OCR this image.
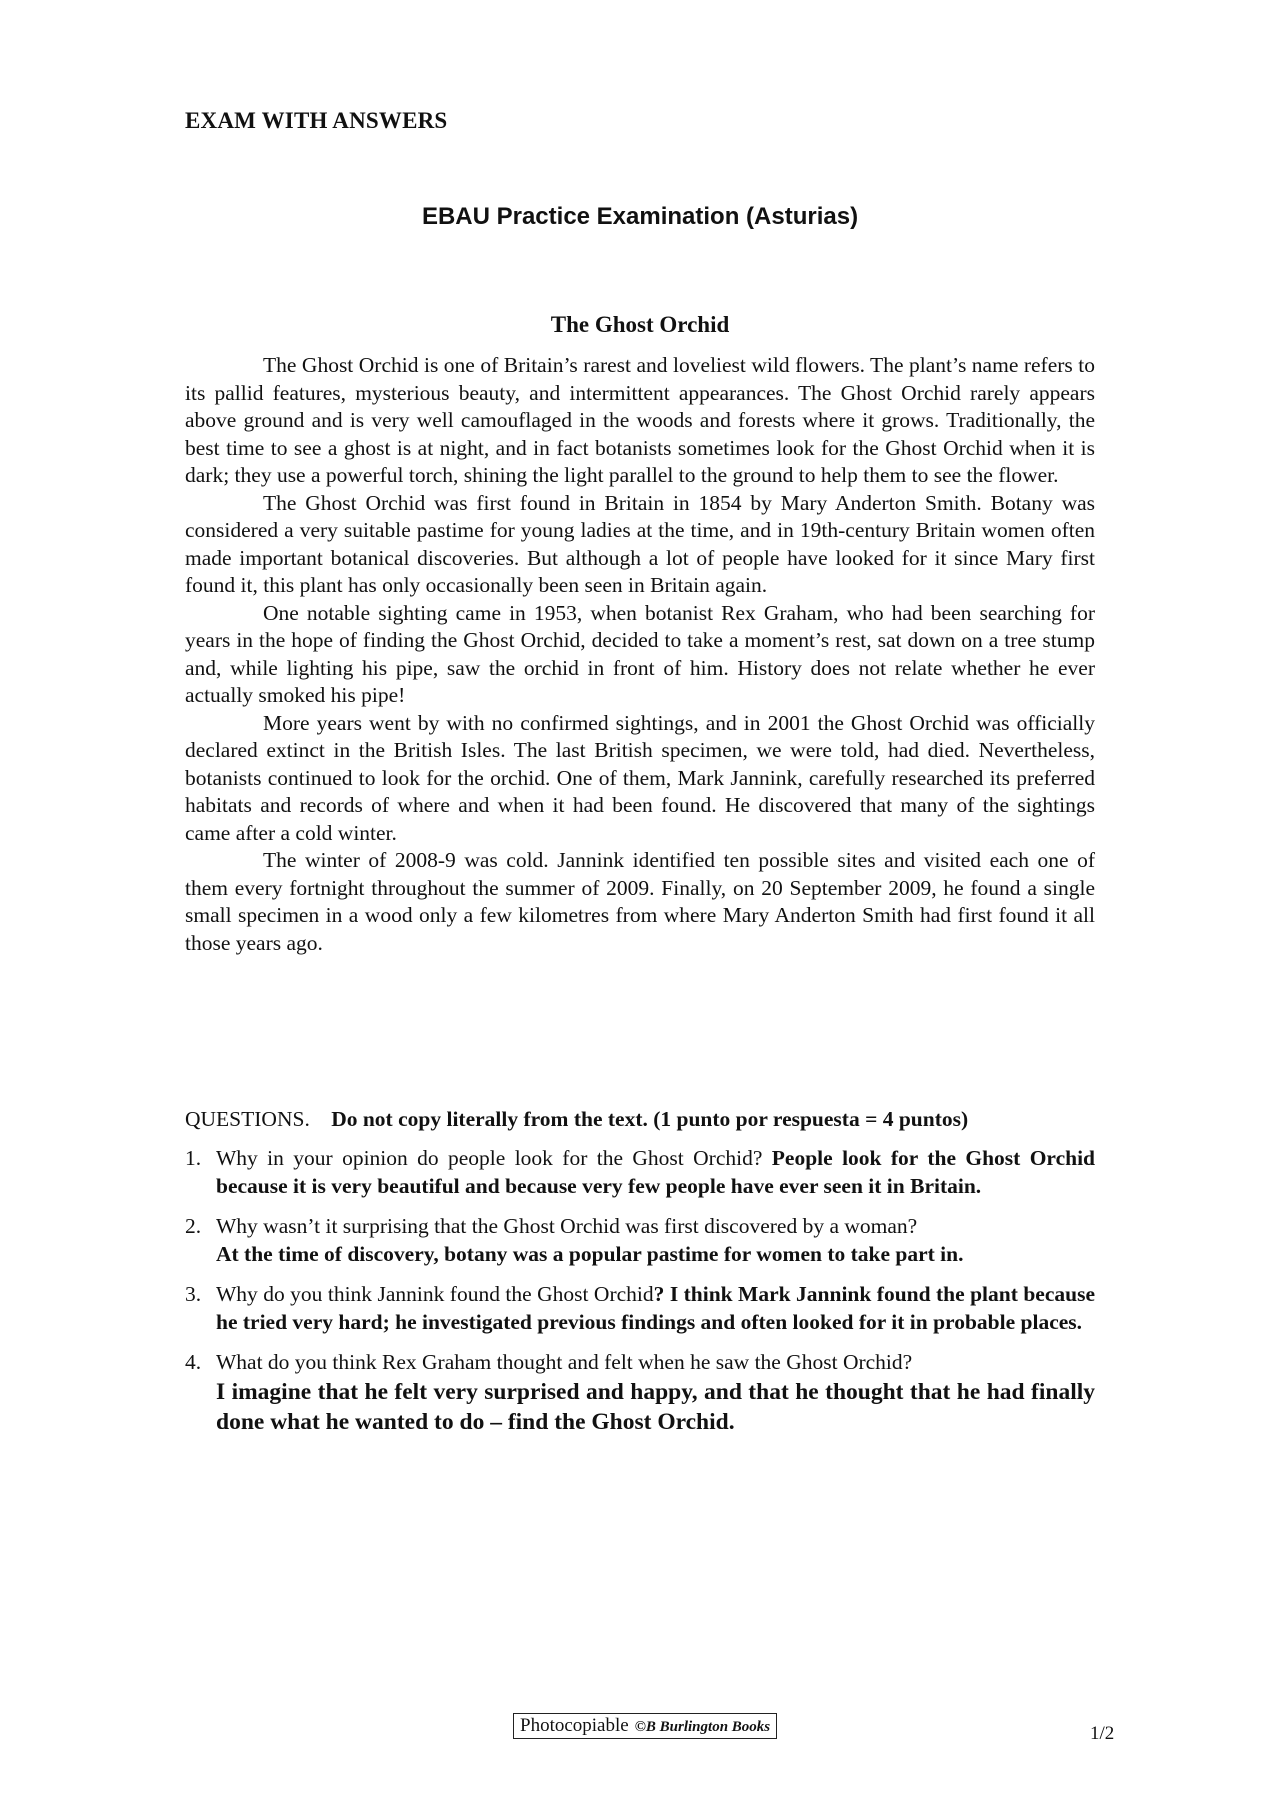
EXAM WITH ANSWERS
EBAU Practice Examination (Asturias)
The Ghost Orchid

The Ghost Orchid is one of Britain’s rarest and loveliest wild flowers. The plant’s name refers to its pallid features, mysterious beauty, and intermittent appearances. The Ghost Orchid rarely appears above ground and is very well camouflaged in the woods and forests where it grows. Traditionally, the best time to see a ghost is at night, and in fact botanists sometimes look for the Ghost Orchid when it is dark; they use a powerful torch, shining the light parallel to the ground to help them to see the flower.

The Ghost Orchid was first found in Britain in 1854 by Mary Anderton Smith. Botany was considered a very suitable pastime for young ladies at the time, and in 19th-century Britain women often made important botanical discoveries. But although a lot of people have looked for it since Mary first found it, this plant has only occasionally been seen in Britain again.

One notable sighting came in 1953, when botanist Rex Graham, who had been searching for years in the hope of finding the Ghost Orchid, decided to take a moment’s rest, sat down on a tree stump and, while lighting his pipe, saw the orchid in front of him. History does not relate whether he ever actually smoked his pipe!

More years went by with no confirmed sightings, and in 2001 the Ghost Orchid was officially declared extinct in the British Isles. The last British specimen, we were told, had died. Nevertheless, botanists continued to look for the orchid. One of them, Mark Jannink, carefully researched its preferred habitats and records of where and when it had been found. He discovered that many of the sightings came after a cold winter.

The winter of 2008-9 was cold. Jannink identified ten possible sites and visited each one of them every fortnight throughout the summer of 2009. Finally, on 20 September 2009, he found a single small specimen in a wood only a few kilometres from where Mary Anderton Smith had first found it all those years ago.

QUESTIONS. Do not copy literally from the text. (1 punto por respuesta = 4 puntos)
1. Why in your opinion do people look for the Ghost Orchid? People look for the Ghost Orchid because it is very beautiful and because very few people have ever seen it in Britain.
2. Why wasn’t it surprising that the Ghost Orchid was first discovered by a woman?
At the time of discovery, botany was a popular pastime for women to take part in.
3. Why do you think Jannink found the Ghost Orchid? I think Mark Jannink found the plant because he tried very hard; he investigated previous findings and often looked for it in probable places.
4. What do you think Rex Graham thought and felt when he saw the Ghost Orchid?
I imagine that he felt very surprised and happy, and that he thought that he had finally done what he wanted to do – find the Ghost Orchid.
Photocopiable ©B Burlington Books	1/2
